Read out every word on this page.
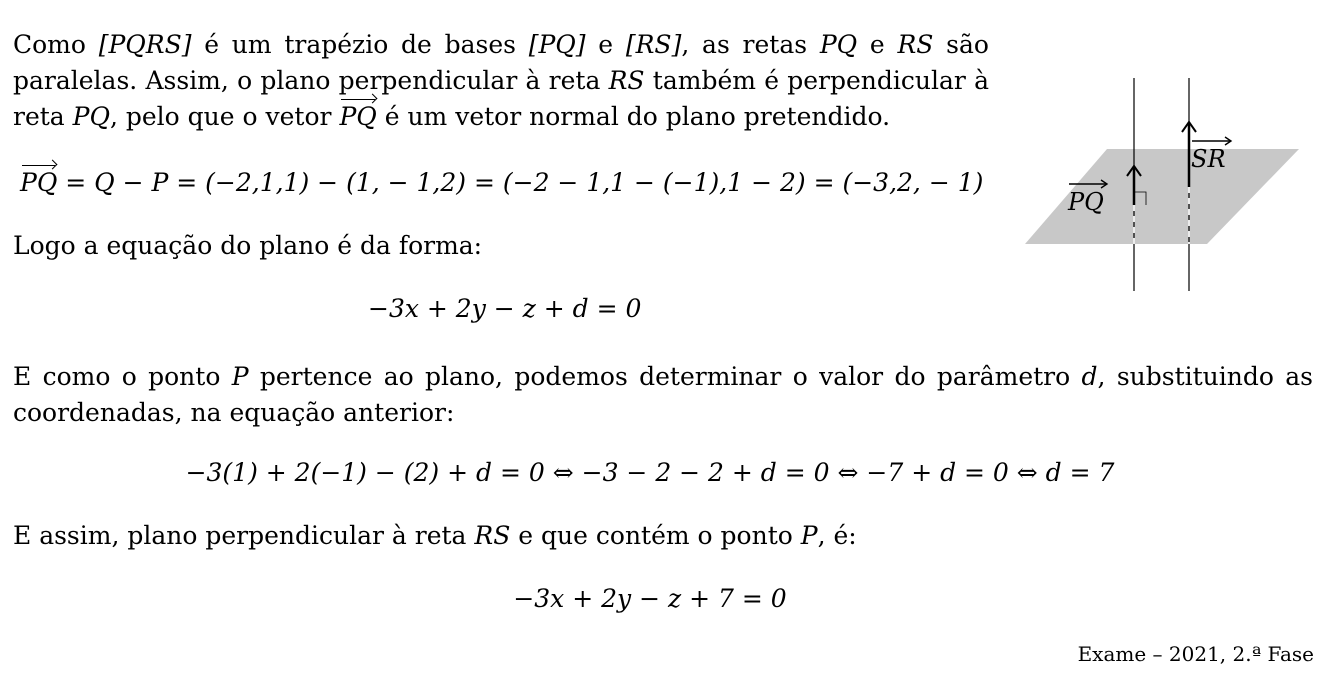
Como [PQRS] é um trapézio de bases [PQ] e [RS], as retas PQ e RS são paralelas. Assim, o plano perpendicular à reta RS também é perpendicular à reta PQ, pelo que o vetor PQ é um vetor normal do plano pretendido.

PQ = Q − P = (−2,1,1) − (1, − 1,2) = (−2 − 1,1 − (−1),1 − 2) = (−3,2, − 1)
Logo a equação do plano é da forma:
−3x + 2y − z + d = 0

E como o ponto P pertence ao plano, podemos determinar o valor do parâmetro d, substituindo as coordenadas, na equação anterior:

−3(1) + 2(−1) − (2) + d = 0 ⇔ −3 − 2 − 2 + d = 0 ⇔ −7 + d = 0 ⇔ d = 7
E assim, plano perpendicular à reta RS e que contém o ponto P, é:
−3x + 2y − z + 7 = 0
PQ
SR
Exame – 2021, 2.ª Fase
